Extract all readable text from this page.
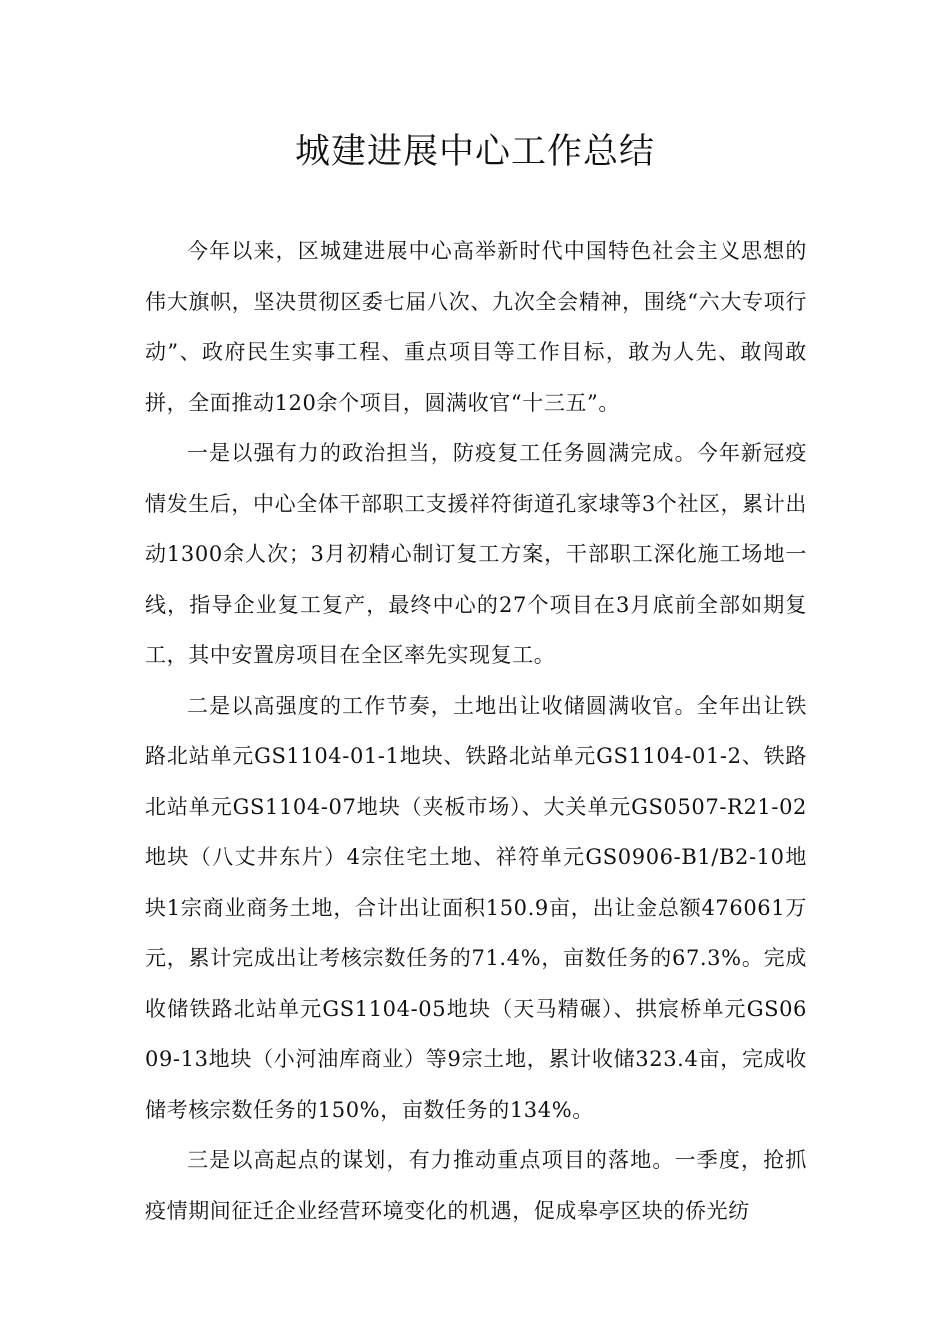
城建进展中心工作总结

今年以来，区城建进展中心高举新时代中国特色社会主义思想的伟大旗帜，坚决贯彻区委七届八次、九次全会精神，围绕“六大专项行动”、政府民生实事工程、重点项目等工作目标，敢为人先、敢闯敢拼，全面推动120余个项目，圆满收官“十三五”。

一是以强有力的政治担当，防疫复工任务圆满完成。今年新冠疫情发生后，中心全体干部职工支援祥符街道孔家埭等3个社区，累计出动1300余人次；3月初精心制订复工方案，干部职工深化施工场地一线，指导企业复工复产，最终中心的27个项目在3月底前全部如期复工，其中安置房项目在全区率先实现复工。

二是以高强度的工作节奏，土地出让收储圆满收官。全年出让铁路北站单元GS1104-01-1地块、铁路北站单元GS1104-01-2、铁路北站单元GS1104-07地块（夹板市场）、大关单元GS0507-R21-02地块（八丈井东片）4宗住宅土地、祥符单元GS0906-B1/B2-10地块1宗商业商务土地，合计出让面积150.9亩，出让金总额476061万元，累计完成出让考核宗数任务的71.4%，亩数任务的67.3%。完成收储铁路北站单元GS1104-05地块（天马精碾）、拱宸桥单元GS0609-13地块（小河油库商业）等9宗土地，累计收储323.4亩，完成收储考核宗数任务的150%，亩数任务的134%。

三是以高起点的谋划，有力推动重点项目的落地。一季度，抢抓疫情期间征迁企业经营环境变化的机遇，促成皋亭区块的侨光纺
